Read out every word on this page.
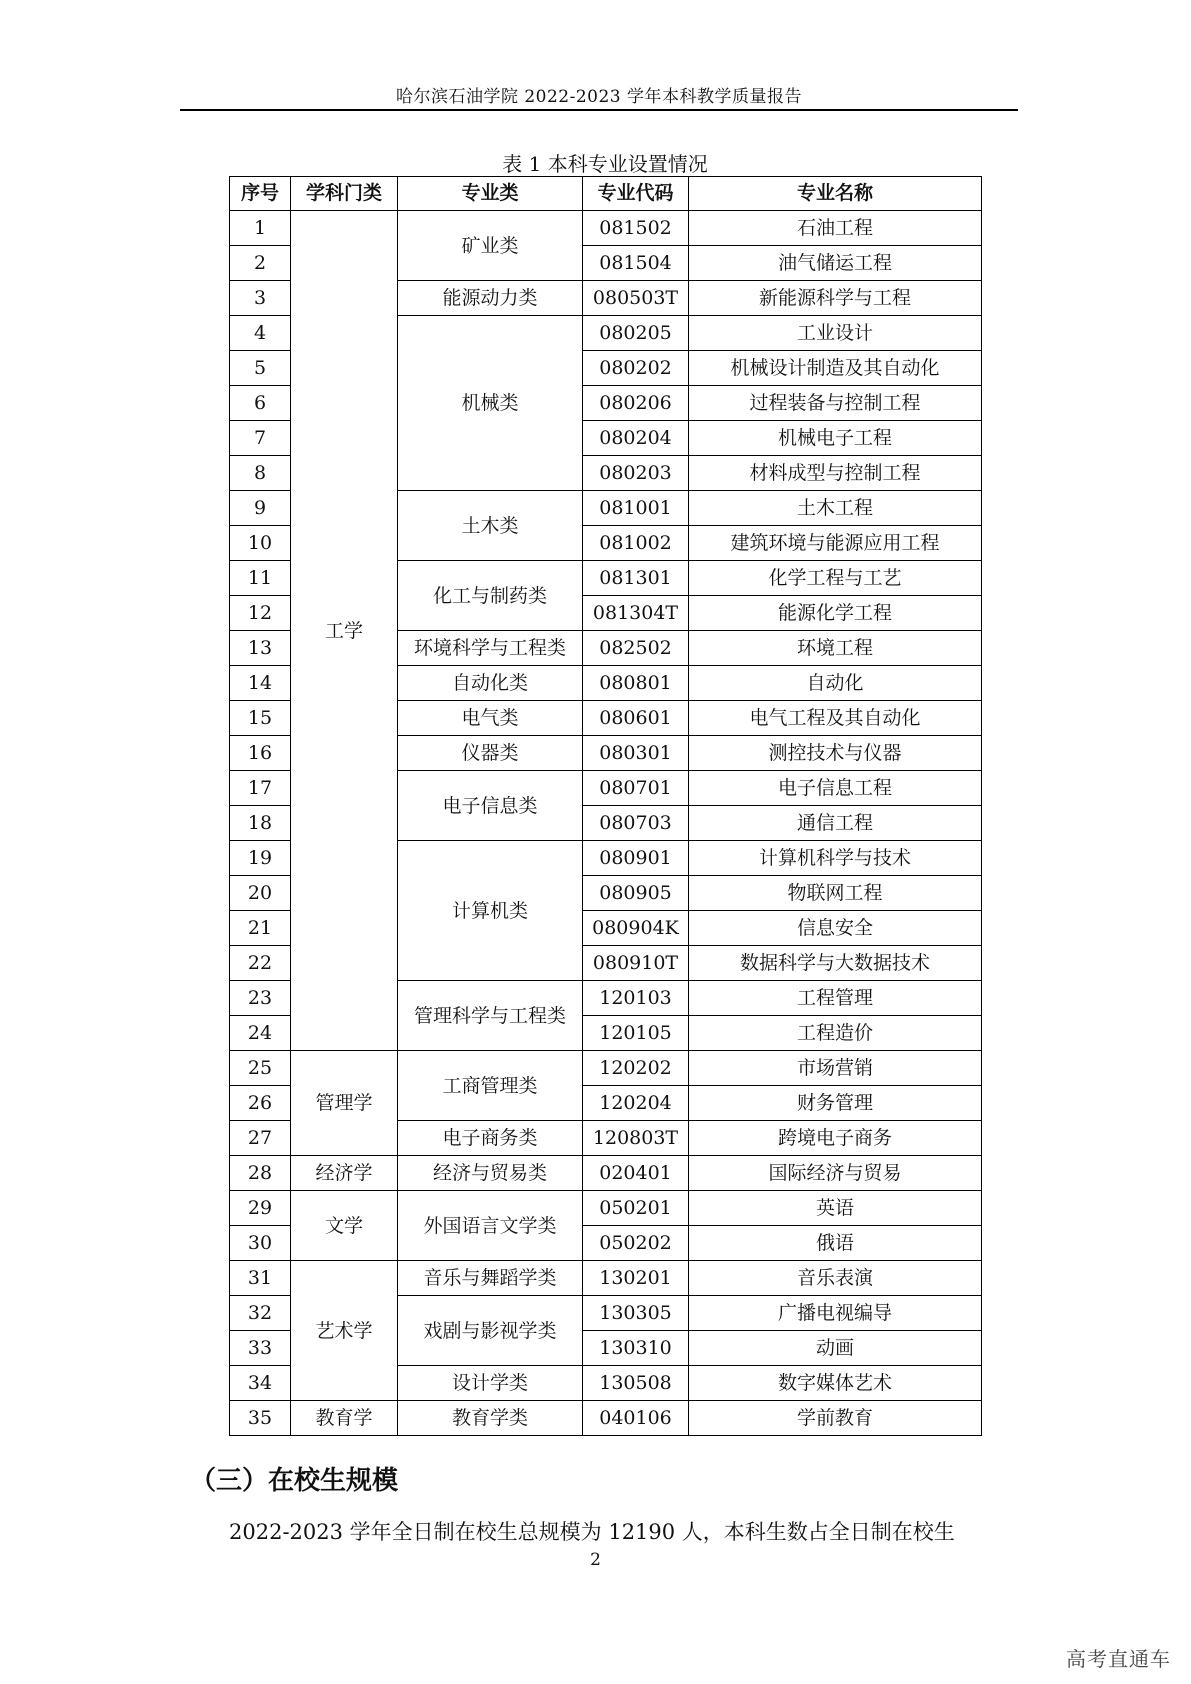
哈尔滨石油学院 2022-2023 学年本科教学质量报告
表 1 本科专业设置情况
序号	学科门类	专业类	专业代码	专业名称
1	工学	矿业类	081502	石油工程
2			081504	油气储运工程
3		能源动力类	080503T	新能源科学与工程
4		机械类	080205	工业设计
5			080202	机械设计制造及其自动化
6			080206	过程装备与控制工程
7			080204	机械电子工程
8			080203	材料成型与控制工程
9		土木类	081001	土木工程
10			081002	建筑环境与能源应用工程
11		化工与制药类	081301	化学工程与工艺
12			081304T	能源化学工程
13		环境科学与工程类	082502	环境工程
14		自动化类	080801	自动化
15		电气类	080601	电气工程及其自动化
16		仪器类	080301	测控技术与仪器
17		电子信息类	080701	电子信息工程
18			080703	通信工程
19		计算机类	080901	计算机科学与技术
20			080905	物联网工程
21			080904K	信息安全
22			080910T	数据科学与大数据技术
23		管理科学与工程类	120103	工程管理
24			120105	工程造价
25	管理学	工商管理类	120202	市场营销
26			120204	财务管理
27		电子商务类	120803T	跨境电子商务
28	经济学	经济与贸易类	020401	国际经济与贸易
29	文学	外国语言文学类	050201	英语
30			050202	俄语
31	艺术学	音乐与舞蹈学类	130201	音乐表演
32		戏剧与影视学类	130305	广播电视编导
33			130310	动画
34		设计学类	130508	数字媒体艺术
35	教育学	教育学类	040106	学前教育
（三）在校生规模
2022-2023 学年全日制在校生总规模为 12190 人，本科生数占全日制在校生
2
高考直通车
